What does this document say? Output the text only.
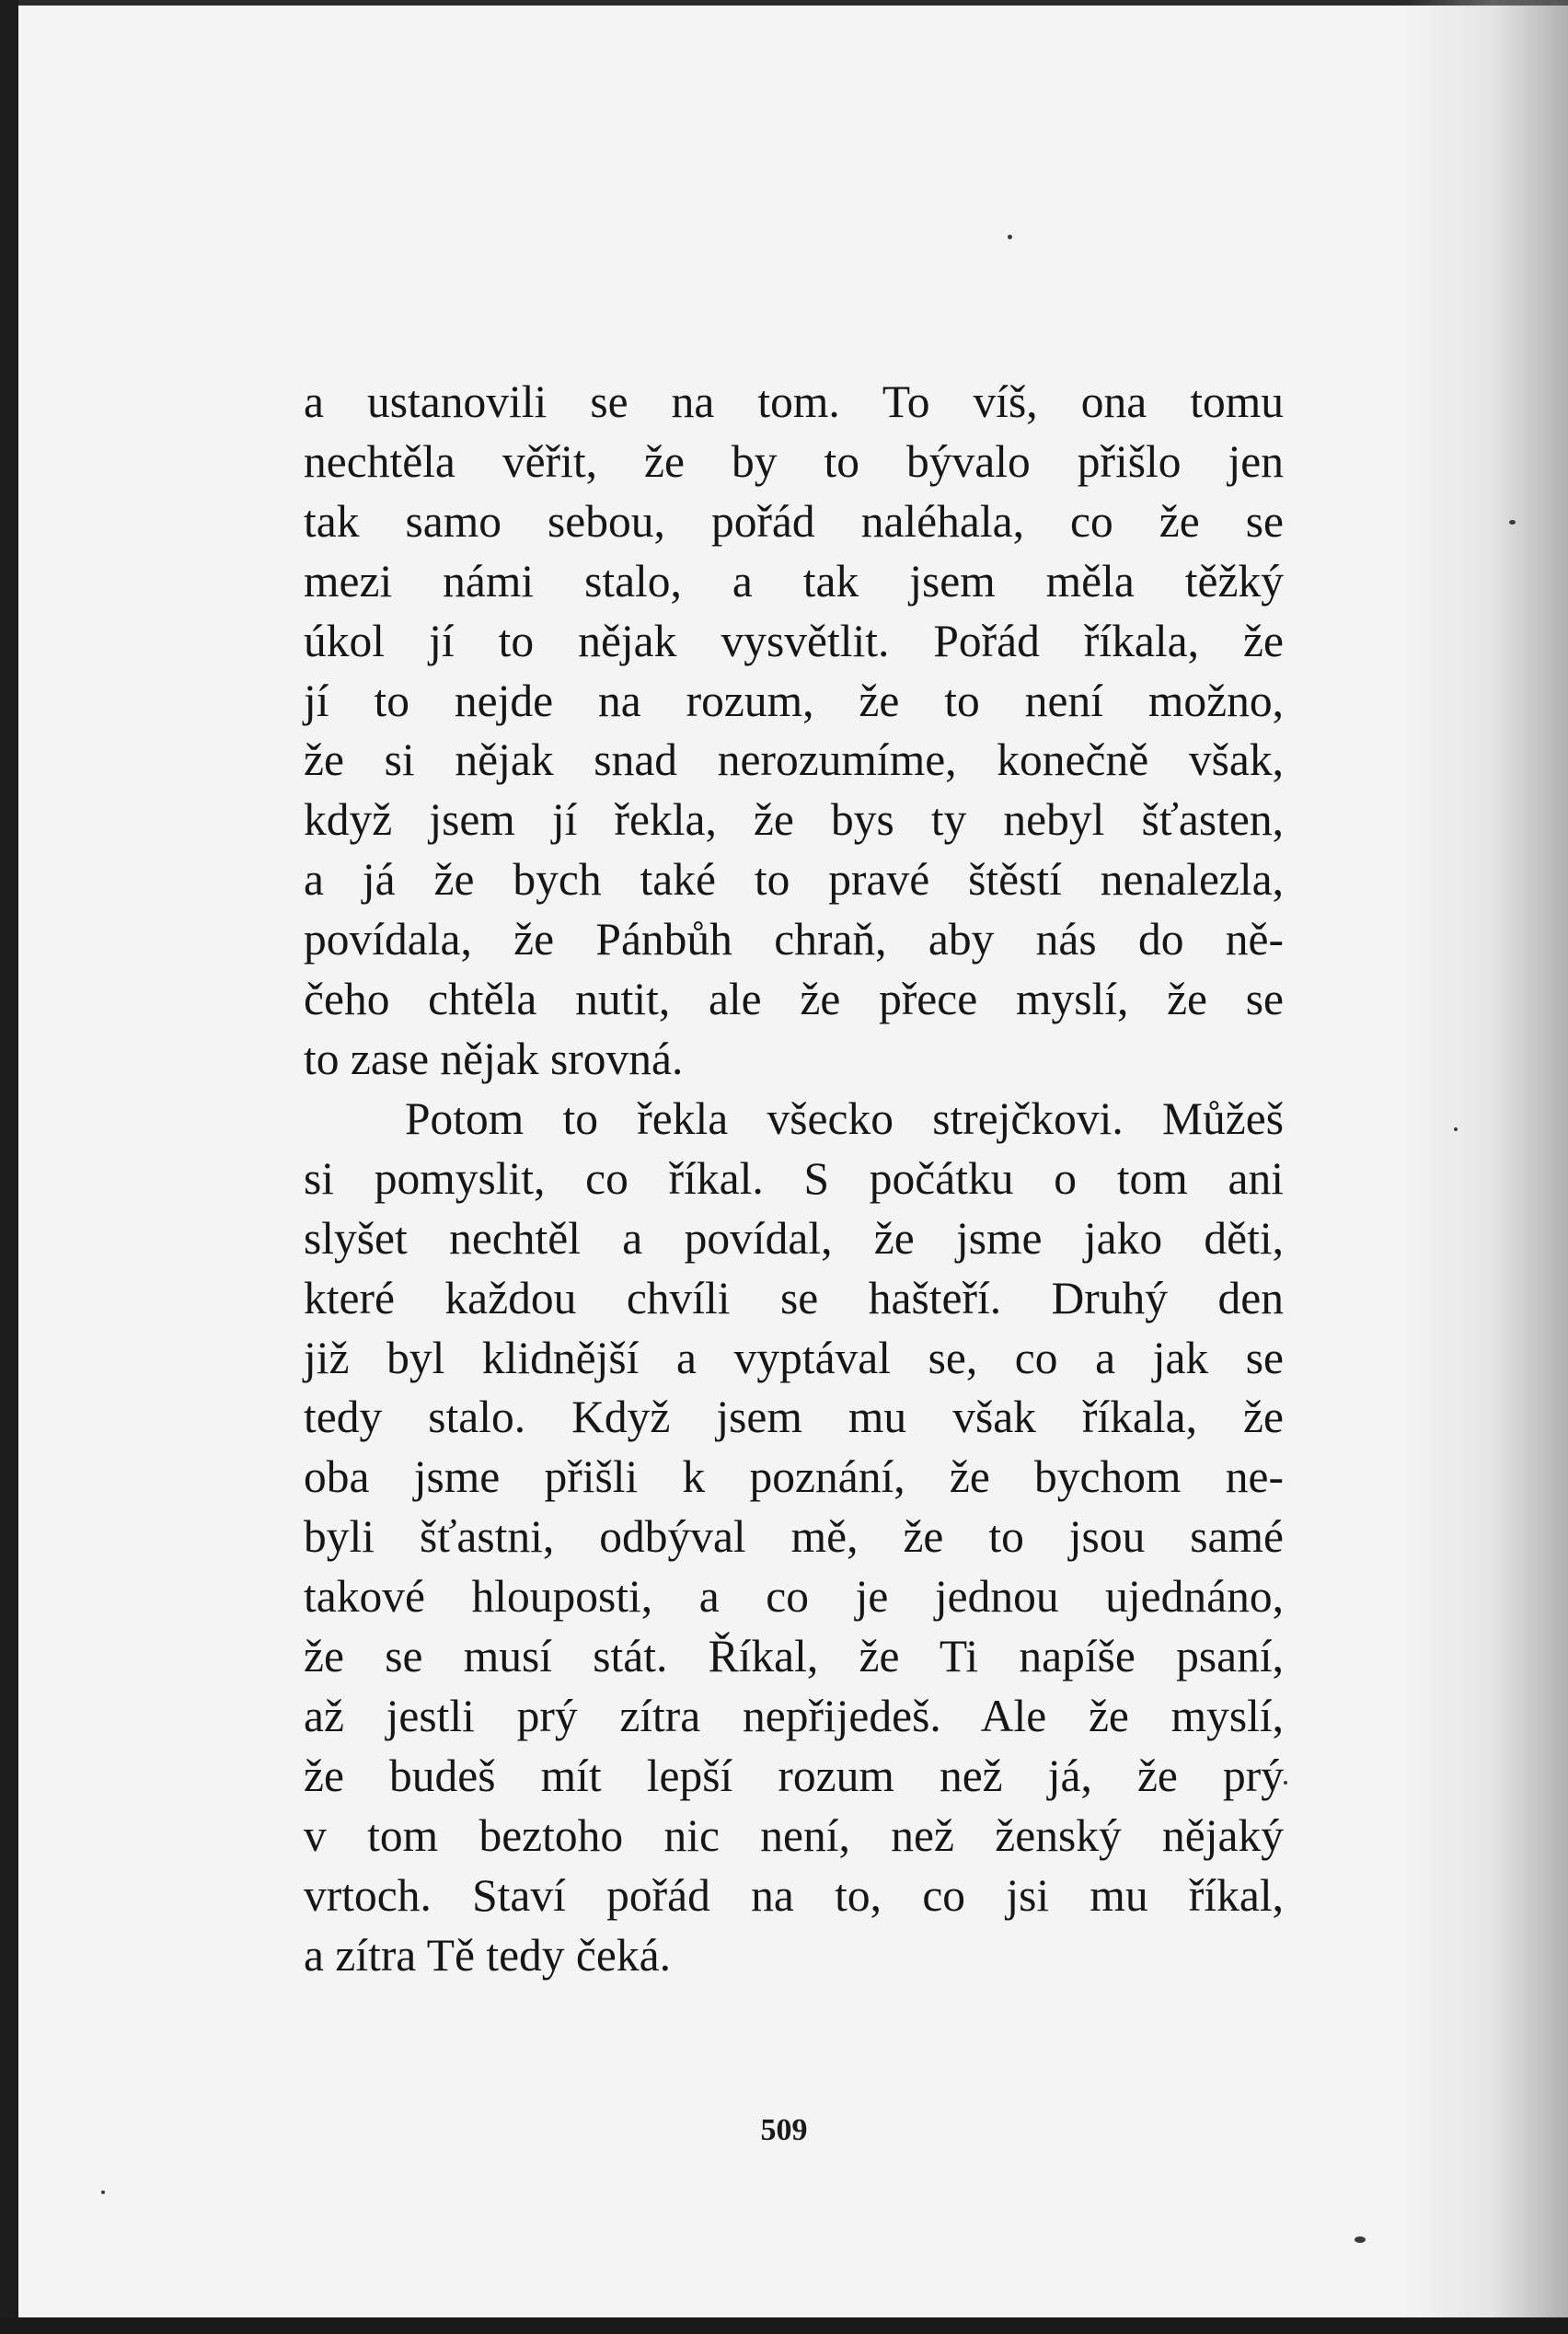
a ustanovili se na tom. To víš, ona tomu
nechtěla věřit, že by to bývalo přišlo jen
tak samo sebou, pořád naléhala, co že se
mezi námi stalo, a tak jsem měla těžký
úkol jí to nějak vysvětlit. Pořád říkala, že
jí to nejde na rozum, že to není možno,
že si nějak snad nerozumíme, konečně však,
když jsem jí řekla, že bys ty nebyl šťasten,
a já že bych také to pravé štěstí nenalezla,
povídala, že Pánbůh chraň, aby nás do ně-
čeho chtěla nutit, ale že přece myslí, že se
to zase nějak srovná.
Potom to řekla všecko strejčkovi. Můžeš
si pomyslit, co říkal. S počátku o tom ani
slyšet nechtěl a povídal, že jsme jako děti,
které každou chvíli se hašteří. Druhý den
již byl klidnější a vyptával se, co a jak se
tedy stalo. Když jsem mu však říkala, že
oba jsme přišli k poznání, že bychom ne-
byli šťastni, odbýval mě, že to jsou samé
takové hlouposti, a co je jednou ujednáno,
že se musí stát. Říkal, že Ti napíše psaní,
až jestli prý zítra nepřijedeš. Ale že myslí,
že budeš mít lepší rozum než já, že prý
v tom beztoho nic není, než ženský nějaký
vrtoch. Staví pořád na to, co jsi mu říkal,
a zítra Tě tedy čeká.
509
